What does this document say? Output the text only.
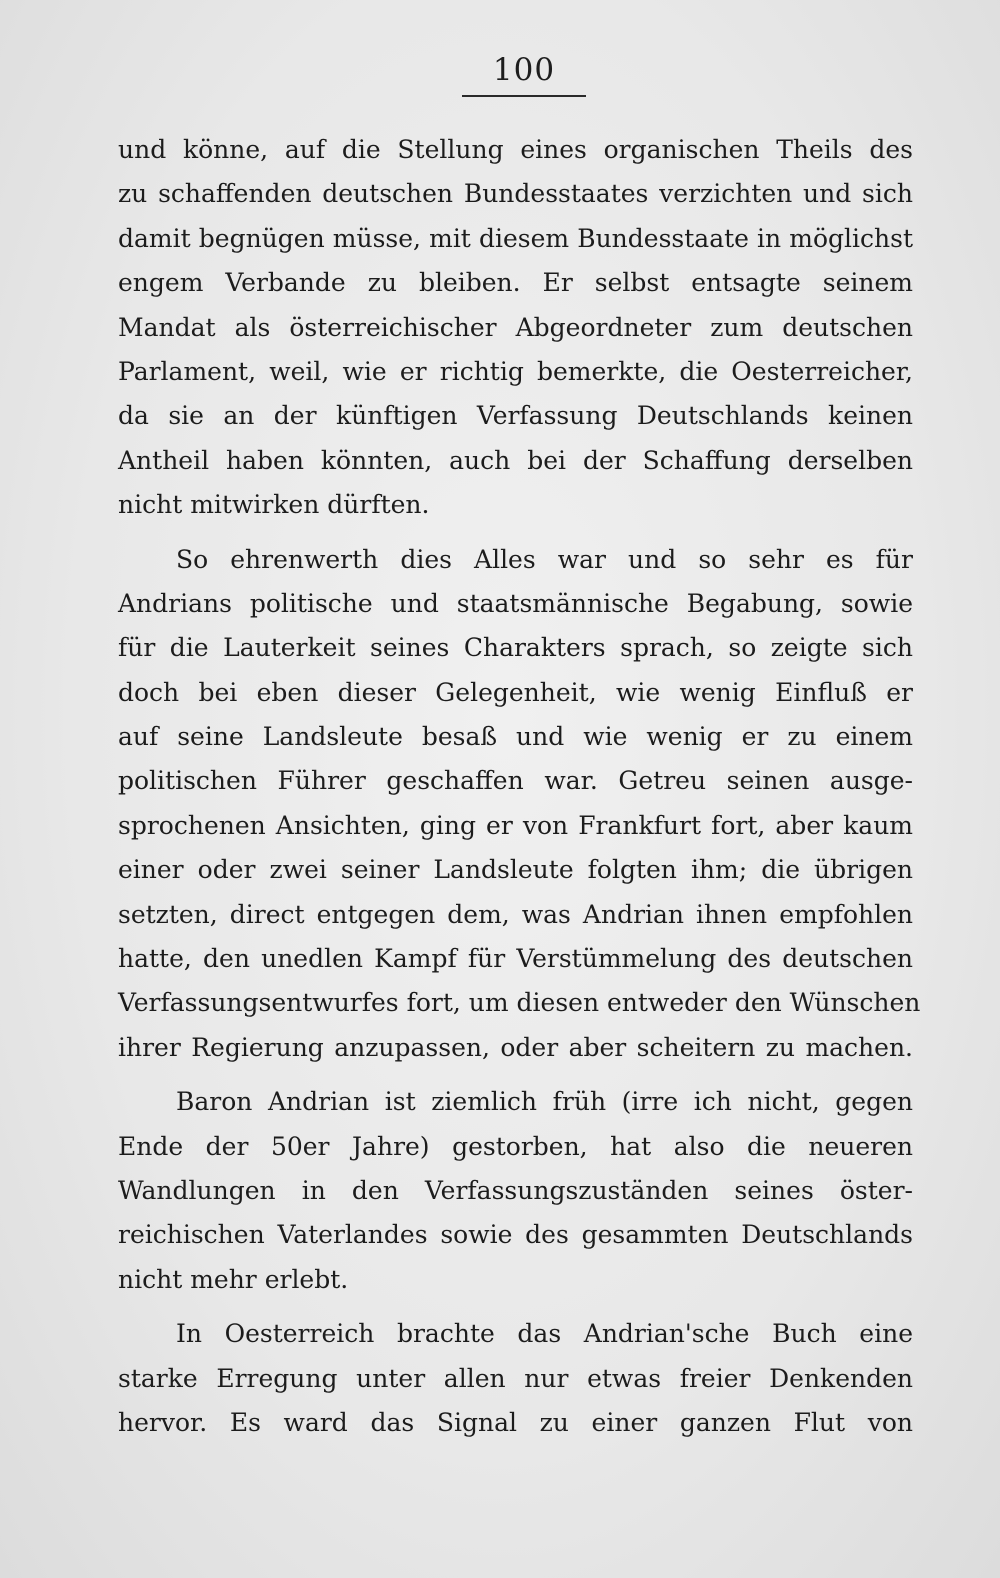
100
und könne, auf die Stellung eines organischen Theils des
zu schaffenden deutschen Bundesstaates verzichten und sich
damit begnügen müsse, mit diesem Bundesstaate in möglichst
engem Verbande zu bleiben. Er selbst entsagte seinem
Mandat als österreichischer Abgeordneter zum deutschen
Parlament, weil, wie er richtig bemerkte, die Oesterreicher,
da sie an der künftigen Verfassung Deutschlands keinen
Antheil haben könnten, auch bei der Schaffung derselben
nicht mitwirken dürften.
So ehrenwerth dies Alles war und so sehr es für
Andrians politische und staatsmännische Begabung, sowie
für die Lauterkeit seines Charakters sprach, so zeigte sich
doch bei eben dieser Gelegenheit, wie wenig Einfluß er
auf seine Landsleute besaß und wie wenig er zu einem
politischen Führer geschaffen war. Getreu seinen ausge-
sprochenen Ansichten, ging er von Frankfurt fort, aber kaum
einer oder zwei seiner Landsleute folgten ihm; die übrigen
setzten, direct entgegen dem, was Andrian ihnen empfohlen
hatte, den unedlen Kampf für Verstümmelung des deutschen
Verfassungsentwurfes fort, um diesen entweder den Wünschen
ihrer Regierung anzupassen, oder aber scheitern zu machen.
Baron Andrian ist ziemlich früh (irre ich nicht, gegen
Ende der 50er Jahre) gestorben, hat also die neueren
Wandlungen in den Verfassungszuständen seines öster-
reichischen Vaterlandes sowie des gesammten Deutschlands
nicht mehr erlebt.
In Oesterreich brachte das Andrian'sche Buch eine
starke Erregung unter allen nur etwas freier Denkenden
hervor. Es ward das Signal zu einer ganzen Flut von
